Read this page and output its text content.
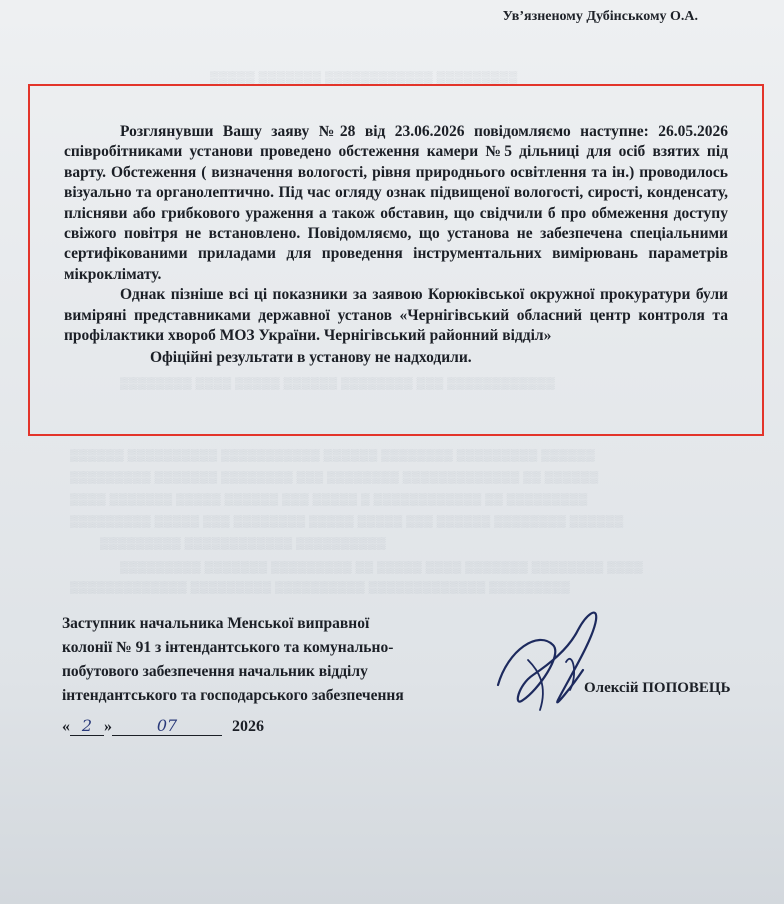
▒▒▒▒▒ ▒▒▒▒▒▒▒ ▒▒▒▒▒▒▒▒▒▒▒▒ ▒▒▒▒▒▒▒▒▒
▒▒▒▒▒▒▒▒ ▒▒▒▒ ▒▒▒▒▒ ▒▒▒▒▒▒ ▒▒▒▒▒▒▒▒ ▒▒▒ ▒▒▒▒▒▒▒▒▒▒▒▒
▒▒▒▒▒▒ ▒▒▒▒▒▒▒▒▒▒ ▒▒▒▒▒▒▒▒▒▒▒ ▒▒▒▒▒▒ ▒▒▒▒▒▒▒▒ ▒▒▒▒▒▒▒▒▒ ▒▒▒▒▒▒
▒▒▒▒▒▒▒▒▒ ▒▒▒▒▒▒▒ ▒▒▒▒▒▒▒▒ ▒▒▒ ▒▒▒▒▒▒▒▒ ▒▒▒▒▒▒▒▒▒▒▒▒▒ ▒▒ ▒▒▒▒▒▒
▒▒▒▒ ▒▒▒▒▒▒▒ ▒▒▒▒▒ ▒▒▒▒▒▒ ▒▒▒ ▒▒▒▒▒ ▒ ▒▒▒▒▒▒▒▒▒▒▒▒ ▒▒ ▒▒▒▒▒▒▒▒▒
▒▒▒▒▒▒▒▒▒ ▒▒▒▒▒ ▒▒▒ ▒▒▒▒▒▒▒▒ ▒▒▒▒▒ ▒▒▒▒▒ ▒▒▒ ▒▒▒▒▒▒ ▒▒▒▒▒▒▒▒ ▒▒▒▒▒▒
▒▒▒▒▒▒▒▒▒ ▒▒▒▒▒▒▒▒▒▒▒▒ ▒▒▒▒▒▒▒▒▒▒
▒▒▒▒▒▒▒▒▒ ▒▒▒▒▒▒▒ ▒▒▒▒▒▒▒▒▒ ▒▒ ▒▒▒▒▒ ▒▒▒▒ ▒▒▒▒▒▒▒ ▒▒▒▒▒▒▒▒ ▒▒▒▒
▒▒▒▒▒▒▒▒▒▒▒▒▒ ▒▒▒▒▒▒▒▒▒ ▒▒▒▒▒▒▒▒▒▒ ▒▒▒▒▒▒▒▒▒▒▒▒▒ ▒▒▒▒▒▒▒▒▒
Ув’язненому Дубінському О.А.

Розглянувши Вашу заяву №28 від 23.06.2026 повідомляємо наступне: 26.05.2026 співробітниками установи проведено обстеження камери №5 дільниці для осіб взятих під варту. Обстеження ( визначення вологості, рівня природнього освітлення та ін.) проводилось візуально та органолептично. Під час огляду ознак підвищеної вологості, сирості, конденсату, плісняви або грибкового ураження а також обставин, що свідчили б про обмеження доступу свіжого повітря не встановлено. Повідомляємо, що установа не забезпечена спеціальними сертифікованими приладами для проведення інструментальних вимірювань параметрів мікроклімату.

Однак пізніше всі ці показники за заявою Корюківської окружної прокуратури були виміряні представниками державної установ «Чернігівський обласний центр контроля та профілактики хвороб МОЗ України. Чернігівський районний відділ»

Офіційні результати в установу не надходили.

Заступник начальника Менської виправної
колонії № 91 з інтендантського та комунально-
побутового забезпечення начальник відділу
інтендантського та господарського забезпечення	Олексій ПОПОВЕЦЬ
« 2 »	07	2026
